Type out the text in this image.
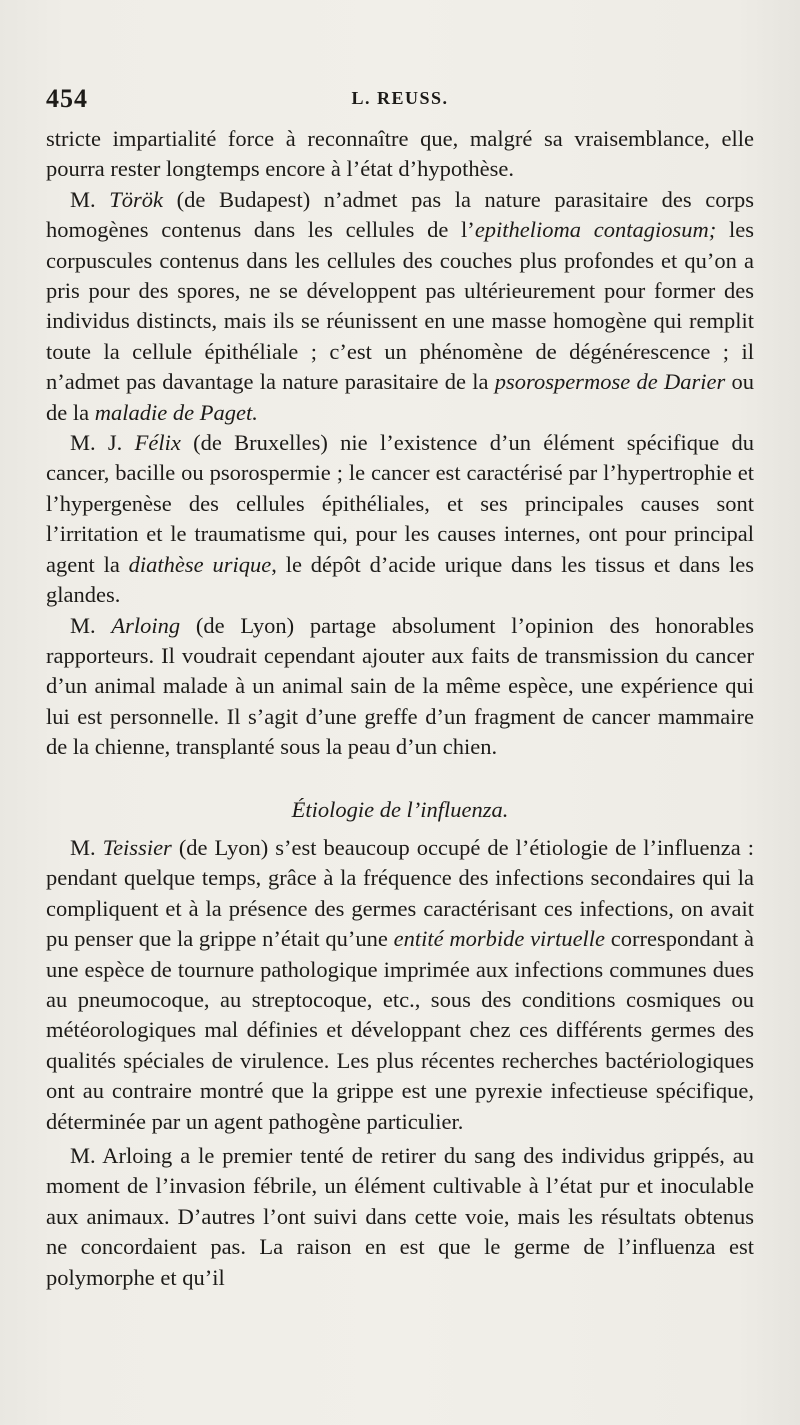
454	L. REUSS.

stricte impartialité force à reconnaître que, malgré sa vraisemblance, elle pourra rester longtemps encore à l’état d’hypothèse.

M. Török (de Budapest) n’admet pas la nature parasitaire des corps homogènes contenus dans les cellules de l’epithelioma contagiosum; les corpuscules contenus dans les cellules des couches plus profondes et qu’on a pris pour des spores, ne se développent pas ultérieurement pour former des individus distincts, mais ils se réunissent en une masse homogène qui remplit toute la cellule épithéliale ; c’est un phénomène de dégénérescence ; il n’admet pas davantage la nature parasitaire de la psorospermose de Darier ou de la maladie de Paget.

M. J. Félix (de Bruxelles) nie l’existence d’un élément spécifique du cancer, bacille ou psorospermie ; le cancer est caractérisé par l’hypertrophie et l’hypergenèse des cellules épithéliales, et ses principales causes sont l’irritation et le traumatisme qui, pour les causes internes, ont pour principal agent la diathèse urique, le dépôt d’acide urique dans les tissus et dans les glandes.

M. Arloing (de Lyon) partage absolument l’opinion des honorables rapporteurs. Il voudrait cependant ajouter aux faits de transmission du cancer d’un animal malade à un animal sain de la même espèce, une expérience qui lui est personnelle. Il s’agit d’une greffe d’un fragment de cancer mammaire de la chienne, transplanté sous la peau d’un chien.

Étiologie de l’influenza.

M. Teissier (de Lyon) s’est beaucoup occupé de l’étiologie de l’influenza : pendant quelque temps, grâce à la fréquence des infections secondaires qui la compliquent et à la présence des germes caractérisant ces infections, on avait pu penser que la grippe n’était qu’une entité morbide virtuelle correspondant à une espèce de tournure pathologique imprimée aux infections communes dues au pneumocoque, au streptocoque, etc., sous des conditions cosmiques ou météorologiques mal définies et développant chez ces différents germes des qualités spéciales de virulence. Les plus récentes recherches bactériologiques ont au contraire montré que la grippe est une pyrexie infectieuse spécifique, déterminée par un agent pathogène particulier.

M. Arloing a le premier tenté de retirer du sang des individus grippés, au moment de l’invasion fébrile, un élément cultivable à l’état pur et inoculable aux animaux. D’autres l’ont suivi dans cette voie, mais les résultats obtenus ne concordaient pas. La raison en est que le germe de l’influenza est polymorphe et qu’il
